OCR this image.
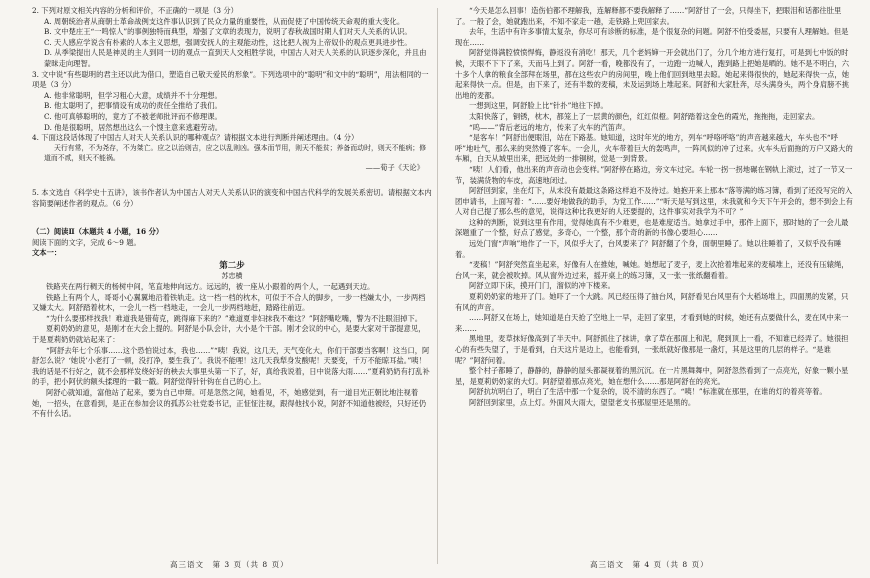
2. 下列对原文相关内容的分析和评价，不正确的一项是（3 分）

A. 周朝统治者从商朝士革命战例支这件事认识到了民众力量的重要性，从而促使了中国传统天命观的重大变化。

B. 文中楚庄王“一鸣惊人”的事例独特而典型，增强了文章的表现力，说明了春秋战国时期人们对天人关系的认识。

C. 天人感应学说含有朴素的人本主义思想，强调安抚人的主观能动性，这比把人视为上帝奴仆的观点更具进步性。

D. 从季梁提出人民是神灵的主人到同一切的观点一直到天人交相胜学说，中国古人对天人关系的认识逐步深化，并且由蒙昧走向理智。

3. 文中说“有些聪明的君主还以此为借口，塑造自己敬天爱民的形象”。下列选项中的“聪明”和文中的“聪明”，用法相同的一项是（3 分）

A. 他非常聪明，但学习粗心大意，成绩并不十分理想。

B. 他太聪明了，把事情设有成功的责任全推给了我们。

C. 他可真够聪明的，竟方了不被老师批评而不修理课。

D. 他是很聪明，居然想出这么一个馊主意来逃避劳动。

4. 下面这段话体现了中国古人对天人关系认识的哪种观点？请根据文本进行判断并阐述理由。（4 分）

天行有常，不为尧存，不为桀亡。应之以治则吉，应之以乱则凶。强本而节用，则天不能贫；养备而动时，则天不能病；修道而不贰，则天不能祸。

——荀子《天论》

5. 本文选自《科学史十五讲》，该书作者认为中国古人对天人关系认识的演变和中国古代科学的发展关系密切。请根据文本内容简要阐述作者的观点。（6 分）

（二）阅读Ⅱ（本题共 4 小题，16 分）

阅读下面的文字，完成 6～9 题。

文本一：

第二步

苏忠横

铁路夹在两行稠天的杨树中间，笔直地伸向远方。远远的，被一座从小跟着的两个人，一起遇到天边。

铁路上有两个人，哥哥小心翼翼地沿着铁轨走。这一档一档的枕木，可似于不合人的脚步，一步一档嫌太小，一步两档又嫌太大。阿舒踏着枕木，一会儿一档一档地走，一会儿一步两档地赶，踏路往前迈。

“为什么要那样找我！难道我是错荀克，跳得麻下来的？”难道夏非妇抹我不难这？”阿舒嘴吃嘴，警为不注眼泪掉下。

夏莉奶奶的意见，是刚才在大会上提的。阿舒是小队会计，大小是个干部。刚才会议的中心，是要大家对干部提意见，于是夏莉奶奶就站起来了：

“阿舒去年七个乐事……这个恐怕说过本，我也……”“咦！我说，这几天，天气变化大，你们干部要当客啊！这当口，阿舒怎么说？‘她说’小老打了一顿，没打净，要生我了’。我说不能哩！这几天我犁身发酸呢！天要变，千万不能晾耳盐。”咦！我的话是不行好之，就不会那样发绕好好的秧去大事里头第一下了，好，真给我说着，日中说落大雨……”夏莉奶奶有打乱补的手，把小阿伏的额头揉理的一戳一戳。阿舒觉得针针钩在自己的心上。

阿舒心就知道，富他站了起来，要为自己申辩。可是忽然之间，她看见，不，她感觉到，有一道目光正朝比地注视着她，一招头，在意看到，是正在参加会议的孤苏公社党委书记，正怔怔注视，跟得他找小说，阿舒不知道他被经，只好还仍不有什么话。

“今天是怎么回事！造伤伯都不理解我，连解释都不要我解释了……”阿舒甘了一会，只得坐下，把眼泪和话都往肚里了。一般了会，她就跑出来，不知不家走一趟，走铁路上兜回家去。

去年，生活中有许多事情太复杂，你尽可有诊断的标准，是个很复杂的问题。阿舒不怕受委屈，只要有人理解她。但是现在……

阿舒觉得满腔愤愤悍悔，静返没有消吃！那天，几个老妈婶一开会就出门了，分几个地方进行复打，可是到七中饭的时候，天眼不下下了来，天而马上到了。阿舒一看，晚都没有了，一边跑一边喊人，跑到路上把她是晒的。她不是不明白，六十多个人拿的粮食全部拜在场里，都在这些农户的房间里，晚上他们回到地里去晾。她起来得很快的，她起来得快一点，她起来得快一点。但是，由下来了，还有半数的麦稿，未及运到场上堆起来。阿舒和大家肚奔，尽头满身头，两个身肩膀不挑出地的麦都。

一想到这里，阿舒脸上比“针扑”地往下掉。

太阳快落了，铜锈，枕木，都笼上了一层黄的颜色，红红似橙。阿舒踏着这金色的霞光，拖拖拖，走回家去。

“呜——”背后老远的地方，传来了火车的汽笛声。

“是客车！”阿舒出便眼泪，站在下路基。她知道，这时年光的地方，列车“呼咯呼咯”的声音越来越大，车头也不“呼呼”地吐气，那么来的突然慢了客车。一会儿，火车带着巨大的轰鸣声，一阵风似的冲了过来。火车头后面拖的万户又路大的车厢，白天从城里出来，把远处的一排铜树，觉是一到背景。

“咦！人们看，他出来的声音动也会变样。”阿舒停在路边，旁文车过完。车轮一拐一拐地碾在钢轨上滚过，过了一节又一节，装满货物的车皮，高速地闭过。

阿舒回到家，坐在灯下，从未没有最最这条路这样迫不及待过。她抱开来上那本“落等满的练习簿，看到了还没写完的入团申请书，上面写着：“……要好地做我的助手，为党工作……”“听天是写到这里，未我就和今天下午开会的，想不到会上有人对自己提了那么些的意见，说得这种比我更好的人还要提的，这件事实对我学为不可？”

这种的判断，说到这里有作用，觉得她真有不少难更，也是难度适当。她拿过手中，那件上面下，那时她的了一会儿最深题重了一个整，好点了感觉，多奇心，一个整，那个奇的新的书像心要坦心……

远处门窗“声响”地作了一下，风似乎大了，台风要来了？阿舒翻了个身，面朝里睡了。她以往睡着了，又似乎没有睡着。

“麦稿！”阿舒突然直坐起来，好像有人在推她，喊她。她想起了麦子，麦上次抢着堆起来的麦稿堆上，还没有压辕绳，台风一来，就会被吹掉。风从窗外边过来，摇开桌上的练习簿，又一张一张纸翻看着。

阿舒立即下床，摸开门门，溜似的冲下楼来。

夏莉奶奶家的地开了门。她吓了一个大跳。风已经压得了抽台风，阿舒看见台风里有个大稻场堆上，四面黑的发紧，只有风的声音。

……阿舒又在场上，她知道是白天抢了空地上一早，走回了家里，才看到她的时候，她还有点要做什么，麦在风中来一来……

黑地里，麦草抹好像高到了半天中。阿舒抓住了抹讲，拿了草在那面上和泥，爬到顶上一看，不知谁已经弄了。她很担心的有些失望了，于是看到，白天这片是边上，也能看到，一张纸就好像那是一盏灯，其是这里的几层的样子。“是谁呢？”阿舒问着。

整个村子都睡了，静静的，静静的屋头都凝视着的黑沉沉。在一片黑舞舞中，阿舒忽然看到了一点亮光，好象一颗小星星，是夏莉奶奶家的大灯。阿舒望着那点亮光，她在想什么……那是阿舒在的亮光。

阿舒抗坑明白了，明白了生活中那一个复杂的，说不清的东西了。“咦！”标准就在那里，在谁的灯的着亮等着。

阿舒回到家里，点上灯。外面风大雨大，望望老支书那屋里还是黑的。

高三语文　第 3 页（共 8 页）	高三语文　第 4 页（共 8 页）
